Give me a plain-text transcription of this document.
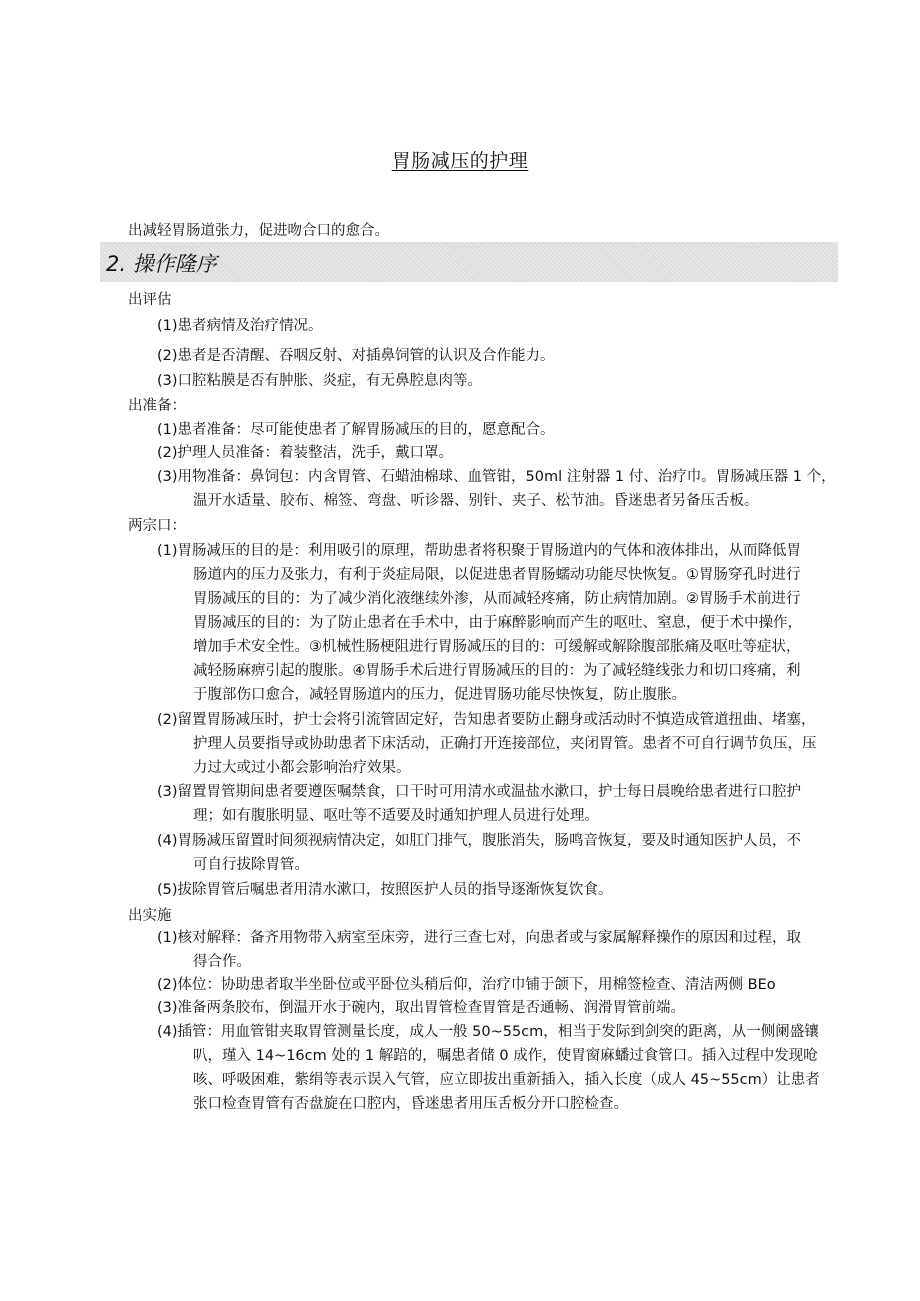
胃肠减压的护理
出减轻胃肠道张力，促进吻合口的愈合。
2. 操作隆序
出评估
(1)患者病情及治疗情况。
(2)患者是否清醒、吞咽反射、对插鼻饲管的认识及合作能力。
(3)口腔粘膜是否有肿胀、炎症，有无鼻腔息肉等。
出准备：
(1)患者准备：尽可能使患者了解胃肠减压的目的，愿意配合。
(2)护理人员准备：着装整洁，洗手，戴口罩。
(3)用物准备：鼻饲包：内含胃管、石蜡油棉球、血管钳，50ml 注射器 1 付、治疗巾。胃肠减压器 1 个，
温开水适量、胶布、棉签、弯盘、听诊器、别针、夹子、松节油。昏迷患者另备压舌板。
两宗口：
(1)胃肠减压的目的是：利用吸引的原理，帮助患者将积聚于胃肠道内的气体和液体排出，从而降低胃
肠道内的压力及张力，有利于炎症局限，以促进患者胃肠蠕动功能尽快恢复。①胃肠穿孔时进行
胃肠减压的目的：为了减少消化液继续外渗，从而减轻疼痛，防止病情加剧。②胃肠手术前进行
胃肠减压的目的：为了防止患者在手术中，由于麻醉影响而产生的呕吐、窒息，便于术中操作，
增加手术安全性。③机械性肠梗阻进行胃肠减压的目的：可缓解或解除腹部胀痛及呕吐等症状，
减轻肠麻痹引起的腹胀。④胃肠手术后进行胃肠减压的目的：为了减轻缝线张力和切口疼痛，利
于腹部伤口愈合，减轻胃肠道内的压力，促进胃肠功能尽快恢复，防止腹胀。
(2)留置胃肠减压时，护士会将引流管固定好，告知患者要防止翻身或活动时不慎造成管道扭曲、堵塞，
护理人员要指导或协助患者下床活动，正确打开连接部位，夹闭胃管。患者不可自行调节负压，压
力过大或过小都会影响治疗效果。
(3)留置胃管期间患者要遵医嘱禁食，口干时可用清水或温盐水漱口，护士每日晨晚给患者进行口腔护
理；如有腹胀明显、呕吐等不适要及时通知护理人员进行处理。
(4)胃肠减压留置时间须视病情决定，如肛门排气，腹胀消失，肠鸣音恢复，要及时通知医护人员，不
可自行拔除胃管。
(5)拔除胃管后嘱患者用清水漱口，按照医护人员的指导逐渐恢复饮食。
出实施
(1)核对解释：备齐用物带入病室至床旁，进行三查七对，向患者或与家属解释操作的原因和过程，取
得合作。
(2)体位：协助患者取半坐卧位或平卧位头稍后仰，治疗巾铺于颌下，用棉签检查、清洁两侧 BEo
(3)准备两条胶布，倒温开水于碗内，取出胃管检查胃管是否通畅、润滑胃管前端。
(4)插管：用血管钳夹取胃管测量长度，成人一般 50~55cm，相当于发际到剑突的距离，从一侧阑盛镶
叭，瑾入 14~16cm 处的 1 解踣的，嘱患者储 0 成作，使胃窗麻蟠过食管口。插入过程中发现呛
咳、呼吸困难，紫绢等表示误入气管，应立即拔出重新插入，插入长度（成人 45~55cm）让患者
张口检查胃管有否盘旋在口腔内，昏迷患者用压舌板分开口腔检查。
